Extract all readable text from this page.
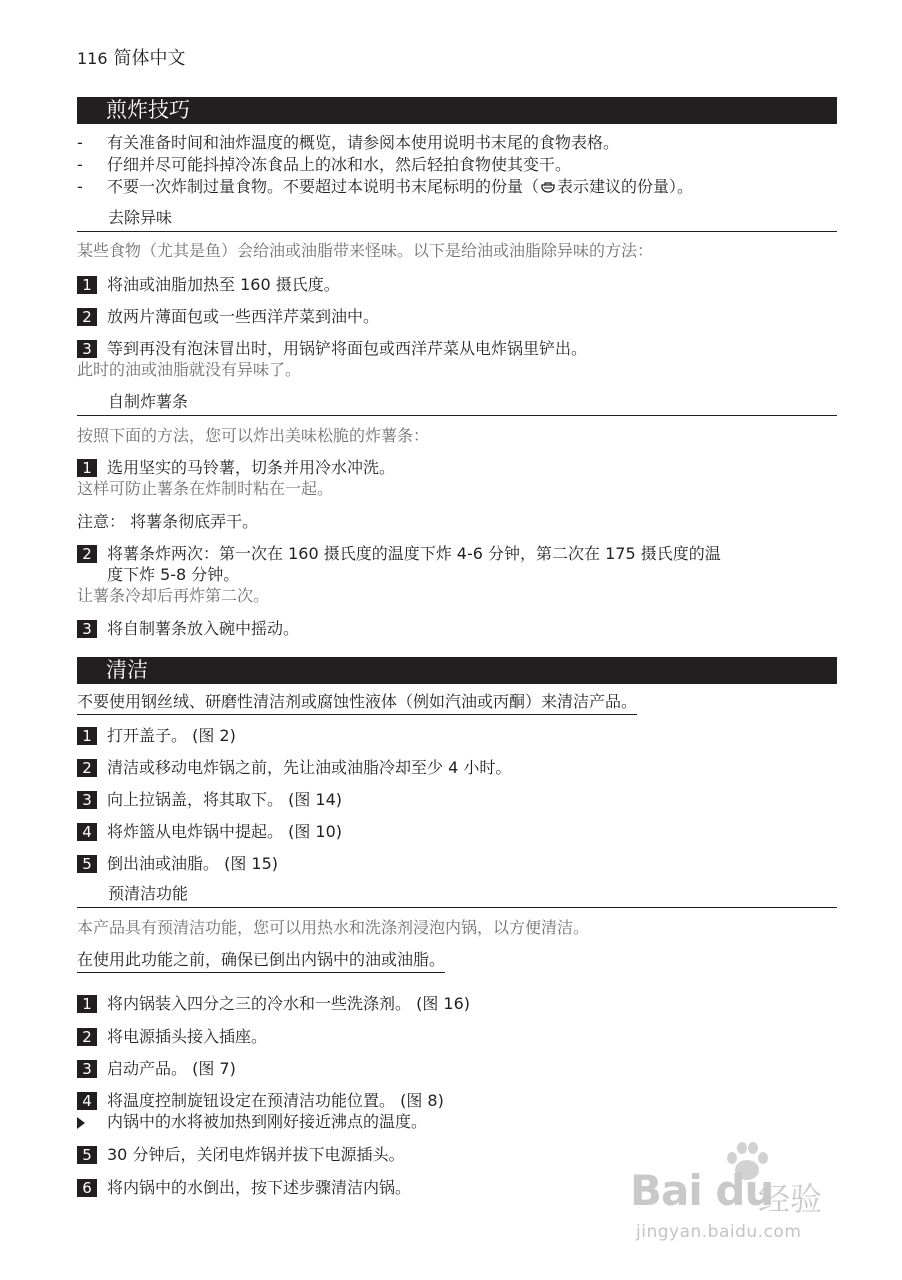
116 简体中文
煎炸技巧
- 有关准备时间和油炸温度的概览，请参阅本使用说明书末尾的食物表格。
- 仔细并尽可能抖掉冷冻食品上的冰和水，然后轻拍食物使其变干。
- 不要一次炸制过量食物。不要超过本说明书末尾标明的份量（ 表示建议的份量）。
去除异味
某些食物（尤其是鱼）会给油或油脂带来怪味。以下是给油或油脂除异味的方法：
1 将油或油脂加热至 160 摄氏度。
2 放两片薄面包或一些西洋芹菜到油中。
3 等到再没有泡沫冒出时，用锅铲将面包或西洋芹菜从电炸锅里铲出。
此时的油或油脂就没有异味了。
自制炸薯条
按照下面的方法，您可以炸出美味松脆的炸薯条：
1 选用坚实的马铃薯，切条并用冷水冲洗。
这样可防止薯条在炸制时粘在一起。
注意： 将薯条彻底弄干。
2 将薯条炸两次：第一次在 160 摄氏度的温度下炸 4-6 分钟，第二次在 175 摄氏度的温
度下炸 5-8 分钟。
让薯条冷却后再炸第二次。
3 将自制薯条放入碗中摇动。
清洁
不要使用钢丝绒、研磨性清洁剂或腐蚀性液体（例如汽油或丙酮）来清洁产品。
1 打开盖子。 (图 2)
2 清洁或移动电炸锅之前，先让油或油脂冷却至少 4 小时。
3 向上拉锅盖，将其取下。 (图 14)
4 将炸篮从电炸锅中提起。 (图 10)
5 倒出油或油脂。 (图 15)
预清洁功能
本产品具有预清洁功能，您可以用热水和洗涤剂浸泡内锅，以方便清洁。
在使用此功能之前，确保已倒出内锅中的油或油脂。
1 将内锅装入四分之三的冷水和一些洗涤剂。 (图 16)
2 将电源插头接入插座。
3 启动产品。 (图 7)
4 将温度控制旋钮设定在预清洁功能位置。 (图 8)
内锅中的水将被加热到刚好接近沸点的温度。
5 30 分钟后，关闭电炸锅并拔下电源插头。
6 将内锅中的水倒出，按下述步骤清洁内锅。	Bai du
经验
jingyan.baidu.com
